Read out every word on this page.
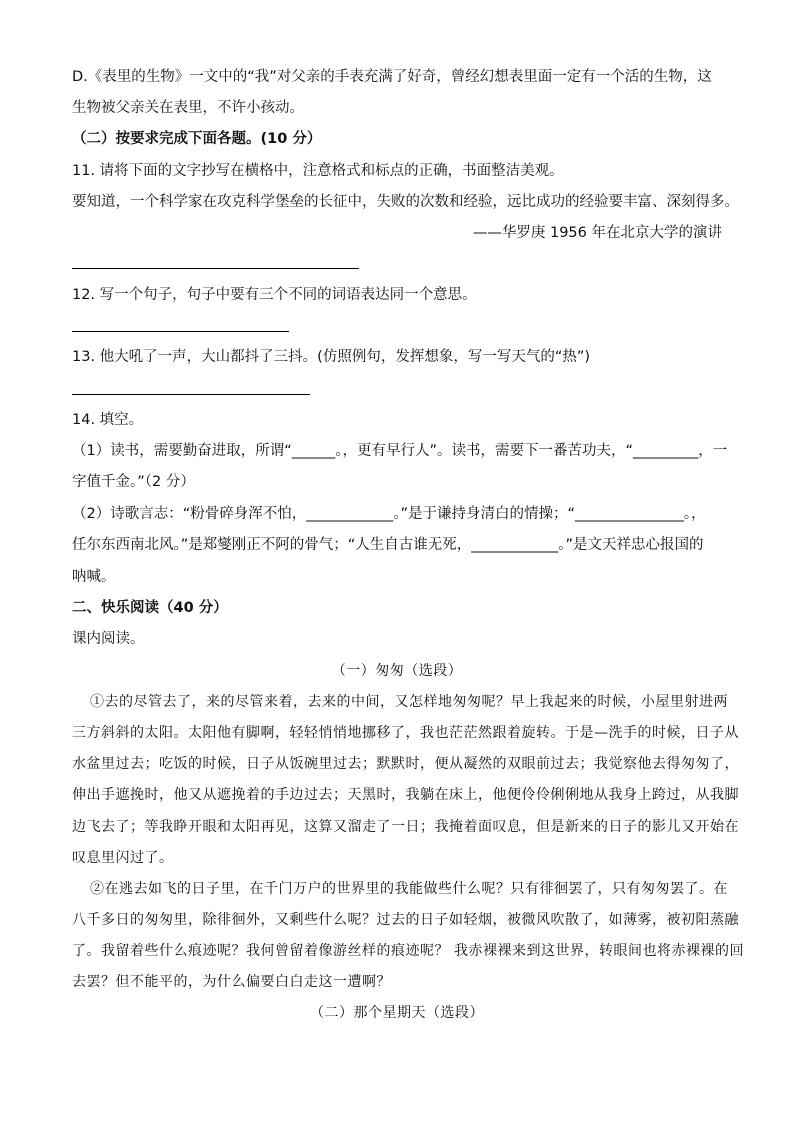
D.《表里的生物》一文中的“我”对父亲的手表充满了好奇，曾经幻想表里面一定有一个活的生物，这
生物被父亲关在表里，不许小孩动。
（二）按要求完成下面各题。(10 分）
11. 请将下面的文字抄写在横格中，注意格式和标点的正确，书面整洁美观。
要知道，一个科学家在攻克科学堡垒的长征中，失败的次数和经验，远比成功的经验要丰富、深刻得多。
——华罗庚 1956 年在北京大学的演讲
12. 写一个句子，句子中要有三个不同的词语表达同一个意思。
13. 他大吼了一声，大山都抖了三抖。(仿照例句，发挥想象，写一写天气的“热”)
14. 填空。
（1）读书，需要勤奋进取，所谓“______。，更有早行人”。读书，需要下一番苦功夫，“_________，一
字值千金。”（2 分）
（2）诗歌言志：“粉骨碎身浑不怕，____________。”是于谦持身清白的情操；“_______________。，
任尔东西南北风。”是郑燮刚正不阿的骨气；“人生自古谁无死，____________。”是文天祥忠心报国的
呐喊。
二、快乐阅读（40 分）
课内阅读。
（一）匆匆（选段）
①去的尽管去了，来的尽管来着，去来的中间，又怎样地匆匆呢？早上我起来的时候，小屋里射进两
三方斜斜的太阳。太阳他有脚啊，轻轻悄悄地挪移了，我也茫茫然跟着旋转。于是—洗手的时候，日子从
水盆里过去；吃饭的时候，日子从饭碗里过去；默默时，便从凝然的双眼前过去；我觉察他去得匆匆了，
伸出手遮挽时，他又从遮挽着的手边过去；天黑时，我躺在床上，他便伶伶俐俐地从我身上跨过，从我脚
边飞去了；等我睁开眼和太阳再见，这算又溜走了一日；我掩着面叹息，但是新来的日子的影儿又开始在
叹息里闪过了。
②在逃去如飞的日子里，在千门万户的世界里的我能做些什么呢？只有徘徊罢了，只有匆匆罢了。在
八千多日的匆匆里，除徘徊外，又剩些什么呢？过去的日子如轻烟，被微风吹散了，如薄雾，被初阳蒸融
了。我留着些什么痕迹呢？我何曾留着像游丝样的痕迹呢？ 我赤裸裸来到这世界，转眼间也将赤裸裸的回
去罢？但不能平的，为什么偏要白白走这一遭啊？
（二）那个星期天（选段）
